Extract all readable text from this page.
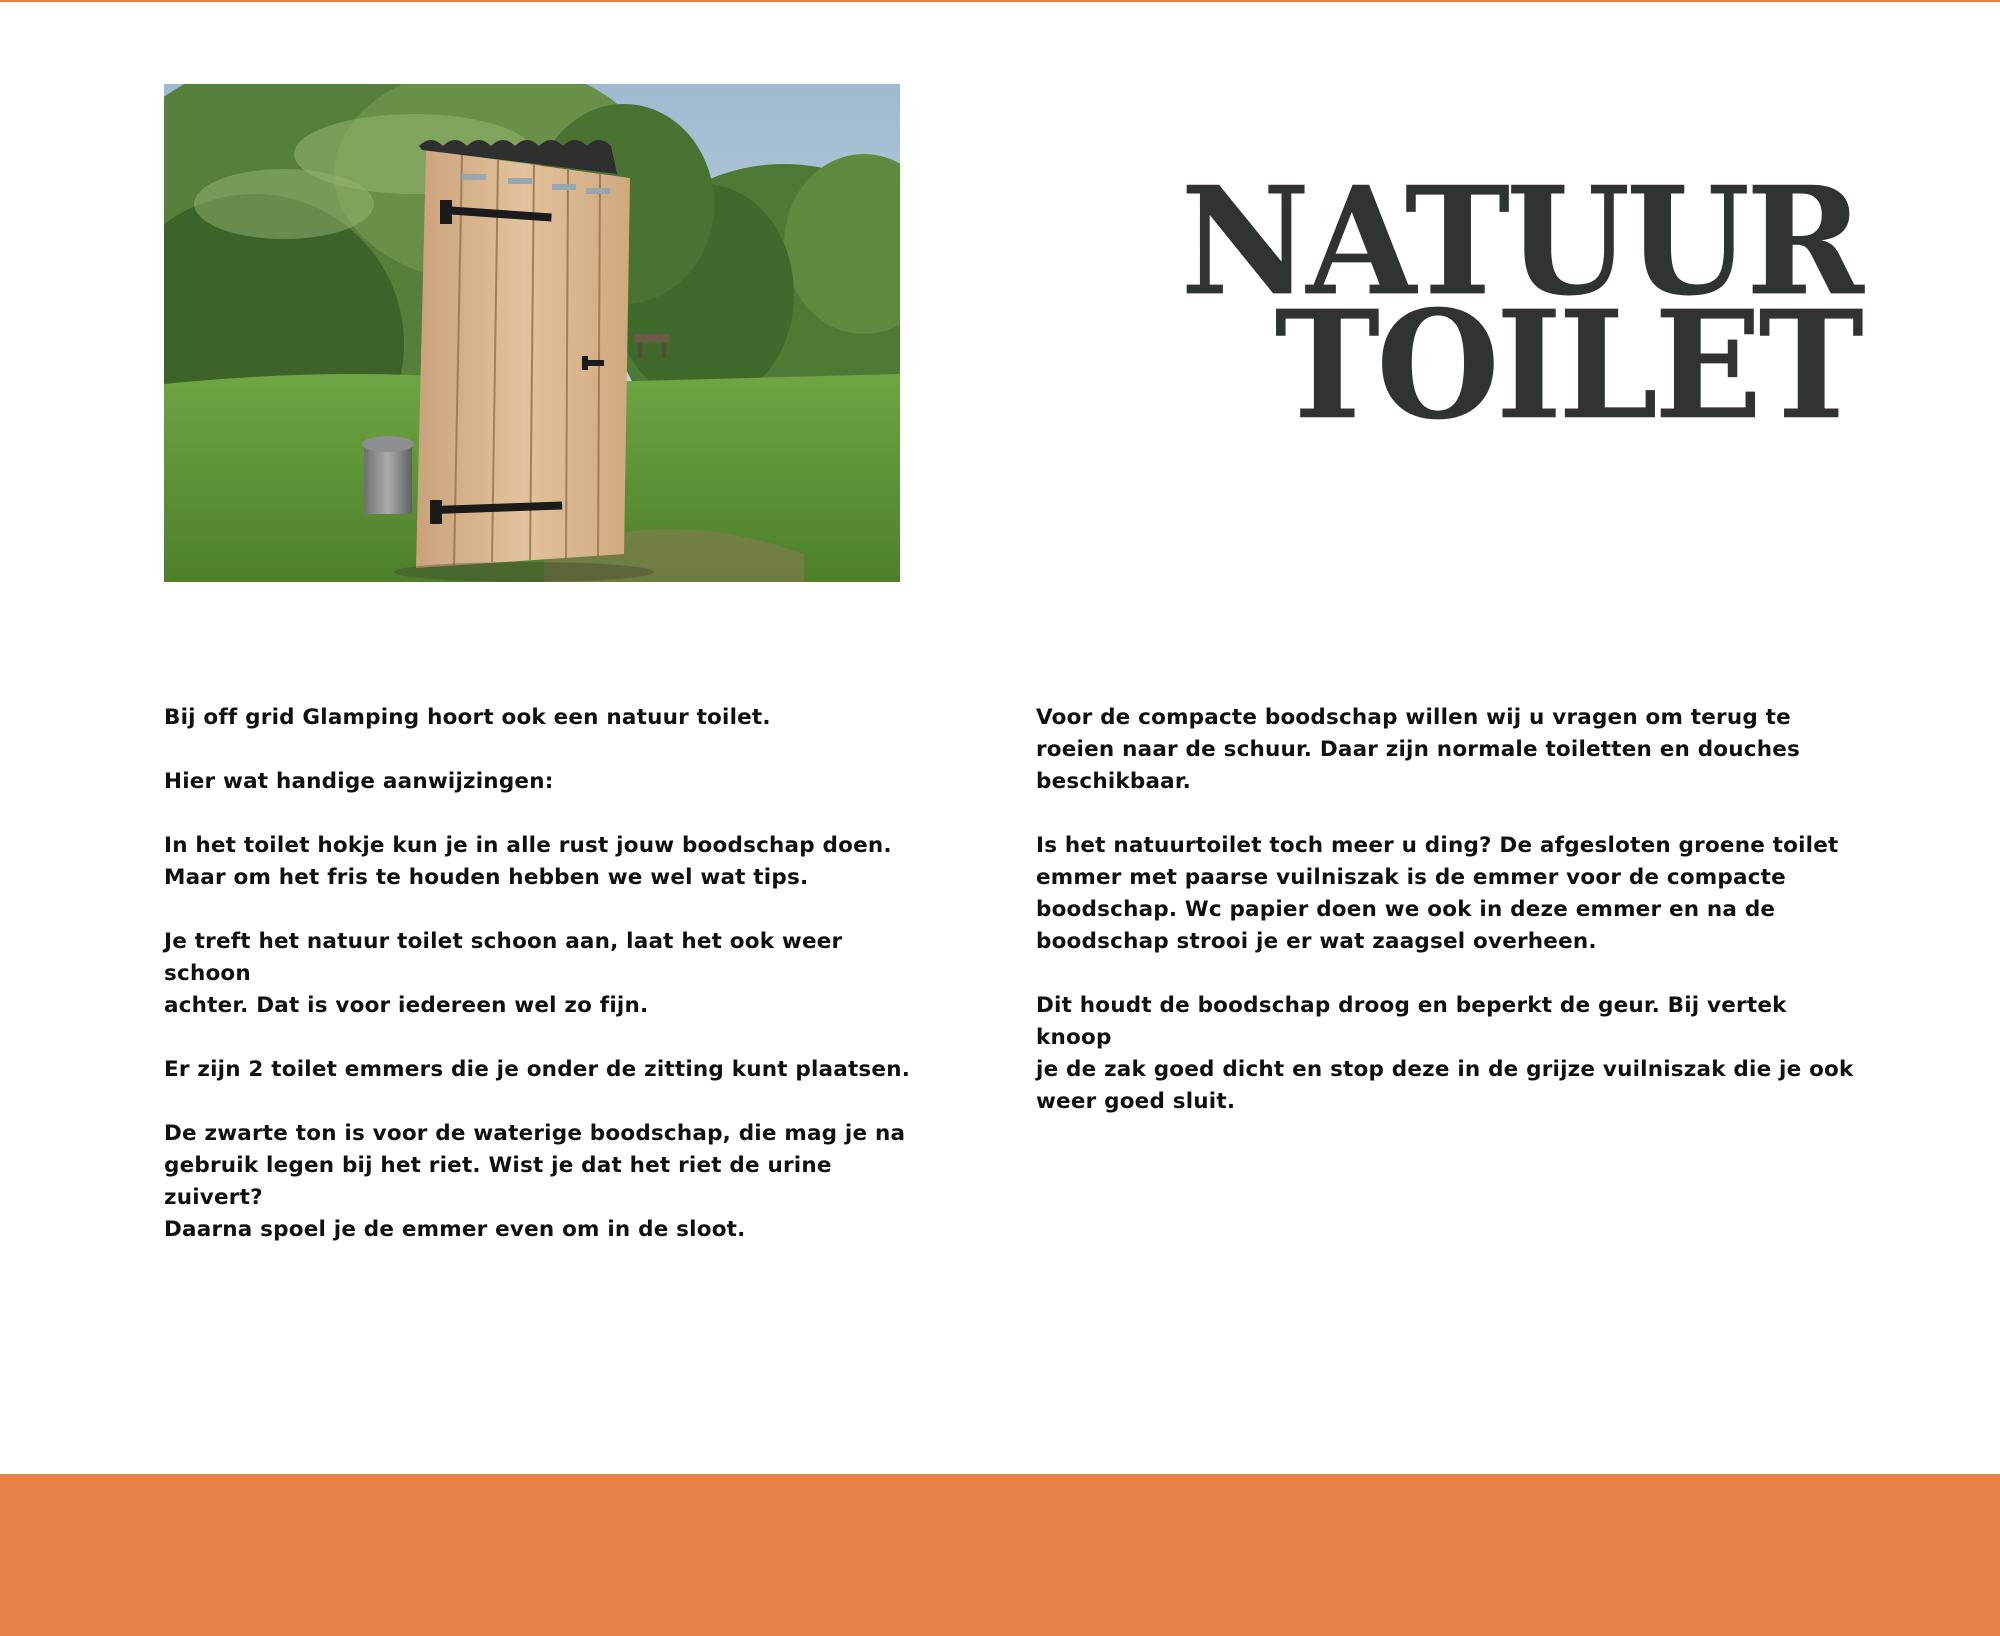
NATUUR
TOILET

Bij off grid Glamping hoort ook een natuur toilet.

Hier wat handige aanwijzingen:

In het toilet hokje kun je in alle rust jouw boodschap doen.
Maar om het fris te houden hebben we wel wat tips.

Je treft het natuur toilet schoon aan, laat het ook weer schoon
achter. Dat is voor iedereen wel zo fijn.

Er zijn 2 toilet emmers die je onder de zitting kunt plaatsen.

De zwarte ton is voor de waterige boodschap, die mag je na
gebruik legen bij het riet. Wist je dat het riet de urine zuivert?
Daarna spoel je de emmer even om in de sloot.

Voor de compacte boodschap willen wij u vragen om terug te
roeien naar de schuur. Daar zijn normale toiletten en douches
beschikbaar.

Is het natuurtoilet toch meer u ding? De afgesloten groene toilet
emmer met paarse vuilniszak is de emmer voor de compacte
boodschap. Wc papier doen we ook in deze emmer en na de
boodschap strooi je er wat zaagsel overheen.

Dit houdt de boodschap droog en beperkt de geur. Bij vertek knoop
je de zak goed dicht en stop deze in de grijze vuilniszak die je ook
weer goed sluit.
